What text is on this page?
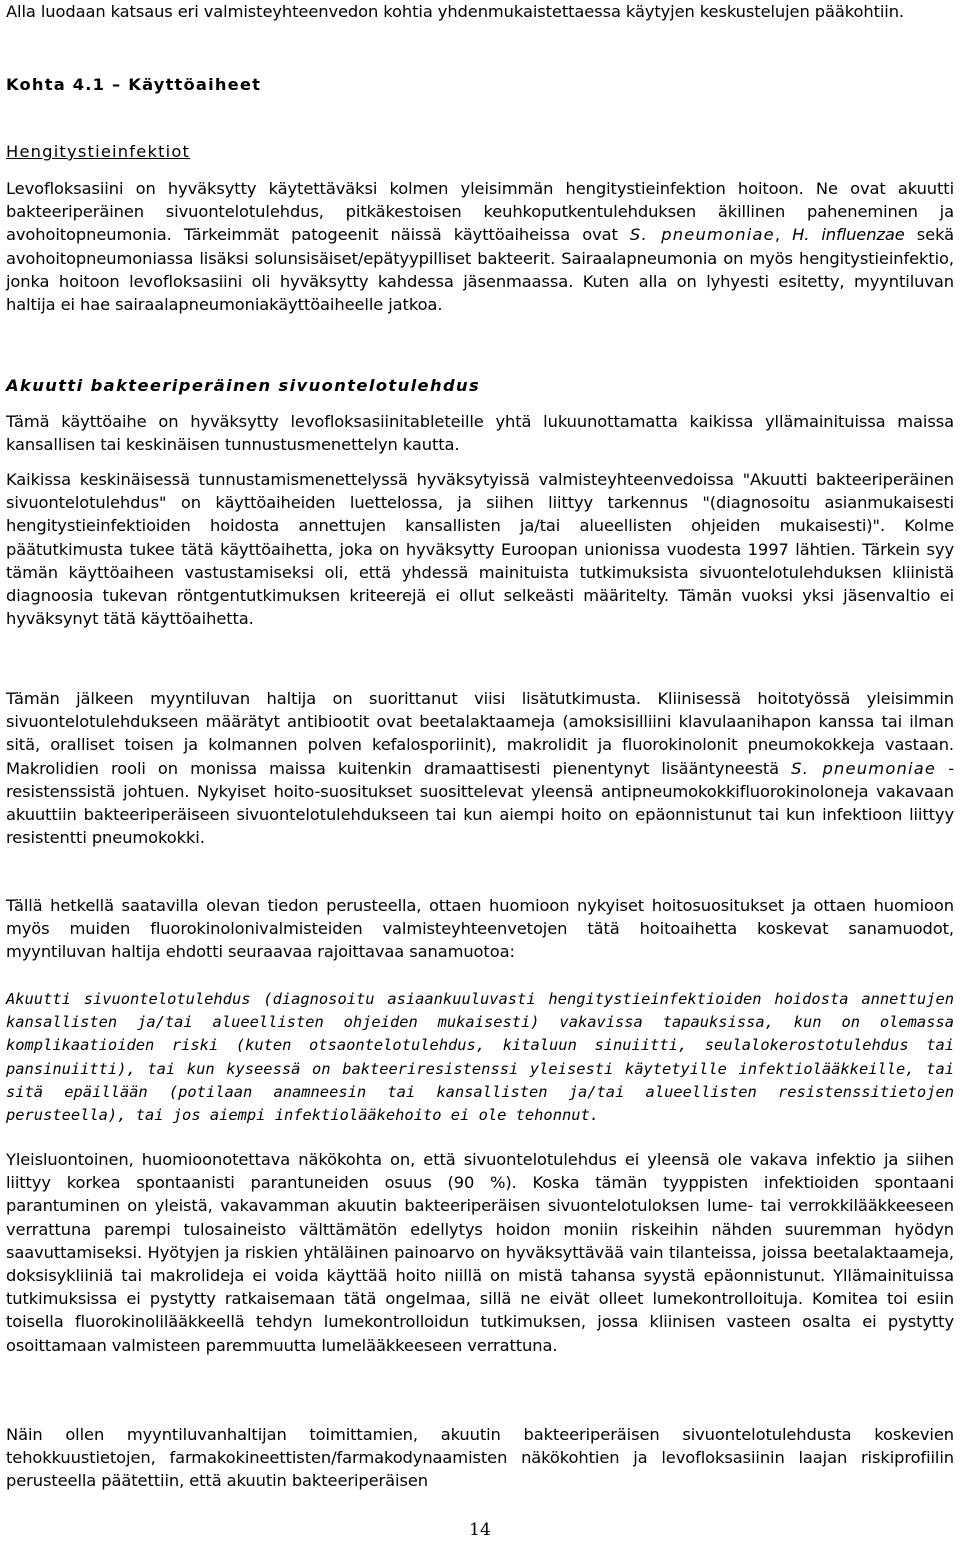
Alla luodaan katsaus eri valmisteyhteenvedon kohtia yhdenmukaistettaessa käytyjen keskustelujen pääkohtiin.

Kohta 4.1 – Käyttöaiheet

Hengitystieinfektiot

Levofloksasiini on hyväksytty käytettäväksi kolmen yleisimmän hengitystieinfektion hoitoon. Ne ovat akuutti bakteeriperäinen sivuontelotulehdus, pitkäkestoisen keuhkoputkentulehduksen äkillinen paheneminen ja avohoitopneumonia. Tärkeimmät patogeenit näissä käyttöaiheissa ovat S. pneumoniae, H. influenzae sekä avohoitopneumoniassa lisäksi solunsisäiset/epätyypilliset bakteerit. Sairaalapneumonia on myös hengitystieinfektio, jonka hoitoon levofloksasiini oli hyväksytty kahdessa jäsenmaassa. Kuten alla on lyhyesti esitetty, myyntiluvan haltija ei hae sairaalapneumoniakäyttöaiheelle jatkoa.

Akuutti bakteeriperäinen sivuontelotulehdus

Tämä käyttöaihe on hyväksytty levofloksasiinitableteille yhtä lukuunottamatta kaikissa yllämainituissa maissa kansallisen tai keskinäisen tunnustusmenettelyn kautta.

Kaikissa keskinäisessä tunnustamismenettelyssä hyväksytyissä valmisteyhteenvedoissa "Akuutti bakteeriperäinen sivuontelotulehdus" on käyttöaiheiden luettelossa, ja siihen liittyy tarkennus "(diagnosoitu asianmukaisesti hengitystieinfektioiden hoidosta annettujen kansallisten ja/tai alueellisten ohjeiden mukaisesti)". Kolme päätutkimusta tukee tätä käyttöaihetta, joka on hyväksytty Euroopan unionissa vuodesta 1997 lähtien. Tärkein syy tämän käyttöaiheen vastustamiseksi oli, että yhdessä mainituista tutkimuksista sivuontelotulehduksen kliinistä diagnoosia tukevan röntgentutkimuksen kriteerejä ei ollut selkeästi määritelty. Tämän vuoksi yksi jäsenvaltio ei hyväksynyt tätä käyttöaihetta.

Tämän jälkeen myyntiluvan haltija on suorittanut viisi lisätutkimusta. Kliinisessä hoitotyössä yleisimmin sivuontelotulehdukseen määrätyt antibiootit ovat beetalaktaameja (amoksisilliini klavulaanihapon kanssa tai ilman sitä, oralliset toisen ja kolmannen polven kefalosporiinit), makrolidit ja fluorokinolonit pneumokokkeja vastaan. Makrolidien rooli on monissa maissa kuitenkin dramaattisesti pienentynyt lisääntyneestä S. pneumoniae -resistenssistä johtuen. Nykyiset hoito-suositukset suosittelevat yleensä antipneumokokkifluorokinoloneja vakavaan akuuttiin bakteeriperäiseen sivuontelotulehdukseen tai kun aiempi hoito on epäonnistunut tai kun infektioon liittyy resistentti pneumokokki.

Tällä hetkellä saatavilla olevan tiedon perusteella, ottaen huomioon nykyiset hoitosuositukset ja ottaen huomioon myös muiden fluorokinolonivalmisteiden valmisteyhteenvetojen tätä hoitoaihetta koskevat sanamuodot, myyntiluvan haltija ehdotti seuraavaa rajoittavaa sanamuotoa:

Akuutti sivuontelotulehdus (diagnosoitu asiaankuuluvasti hengitystieinfektioiden hoidosta annettujen kansallisten ja/tai alueellisten ohjeiden mukaisesti) vakavissa tapauksissa, kun on olemassa komplikaatioiden riski (kuten otsaontelotulehdus, kitaluun sinuiitti, seulalokerostotulehdus tai pansinuiitti), tai kun kyseessä on bakteeriresistenssi yleisesti käytetyille infektiolääkkeille, tai sitä epäillään (potilaan anamneesin tai kansallisten ja/tai alueellisten resistenssitietojen perusteella), tai jos aiempi infektiolääkehoito ei ole tehonnut.

Yleisluontoinen, huomioonotettava näkökohta on, että sivuontelotulehdus ei yleensä ole vakava infektio ja siihen liittyy korkea spontaanisti parantuneiden osuus (90 %). Koska tämän tyyppisten infektioiden spontaani parantuminen on yleistä, vakavamman akuutin bakteeriperäisen sivuontelotuloksen lume- tai verrokkilääkkeeseen verrattuna parempi tulosaineisto välttämätön edellytys hoidon moniin riskeihin nähden suuremman hyödyn saavuttamiseksi. Hyötyjen ja riskien yhtäläinen painoarvo on hyväksyttävää vain tilanteissa, joissa beetalaktaameja, doksisykliiniä tai makrolideja ei voida käyttää hoito niillä on mistä tahansa syystä epäonnistunut. Yllämainituissa tutkimuksissa ei pystytty ratkaisemaan tätä ongelmaa, sillä ne eivät olleet lumekontrolloituja. Komitea toi esiin toisella fluorokinolilääkkeellä tehdyn lumekontrolloidun tutkimuksen, jossa kliinisen vasteen osalta ei pystytty osoittamaan valmisteen paremmuutta lumelääkkeeseen verrattuna.

Näin ollen myyntiluvanhaltijan toimittamien, akuutin bakteeriperäisen sivuontelotulehdusta koskevien tehokkuustietojen, farmakokineettisten/farmakodynaamisten näkökohtien ja levofloksasiinin laajan riskiprofiilin perusteella päätettiin, että akuutin bakteeriperäisen

14
